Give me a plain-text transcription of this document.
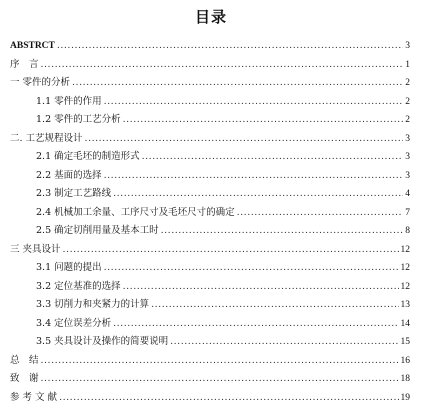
目录
ABSTRCT .....	3
序　言 .....	1
一 零件的分析 .....	2
1.1 零件的作用 .....	2
1.2 零件的工艺分析 .....	2
二. 工艺规程设计 .....	3
2.1 确定毛坯的制造形式 .....	3
2.2 基面的选择 .....	3
2.3 制定工艺路线 .....	4
2.4 机械加工余量、工序尺寸及毛坯尺寸的确定 .....	7
2.5 确定切削用量及基本工时 .....	8
三 夹具设计 .....	12
3.1 问题的提出 .....	12
3.2 定位基准的选择 .....	12
3.3 切削力和夹紧力的计算 .....	13
3.4 定位误差分析 .....	14
3.5 夹具设计及操作的简要说明 .....	15
总　结 .....	16
致　谢 .....	18
参 考 文 献 .....	19
